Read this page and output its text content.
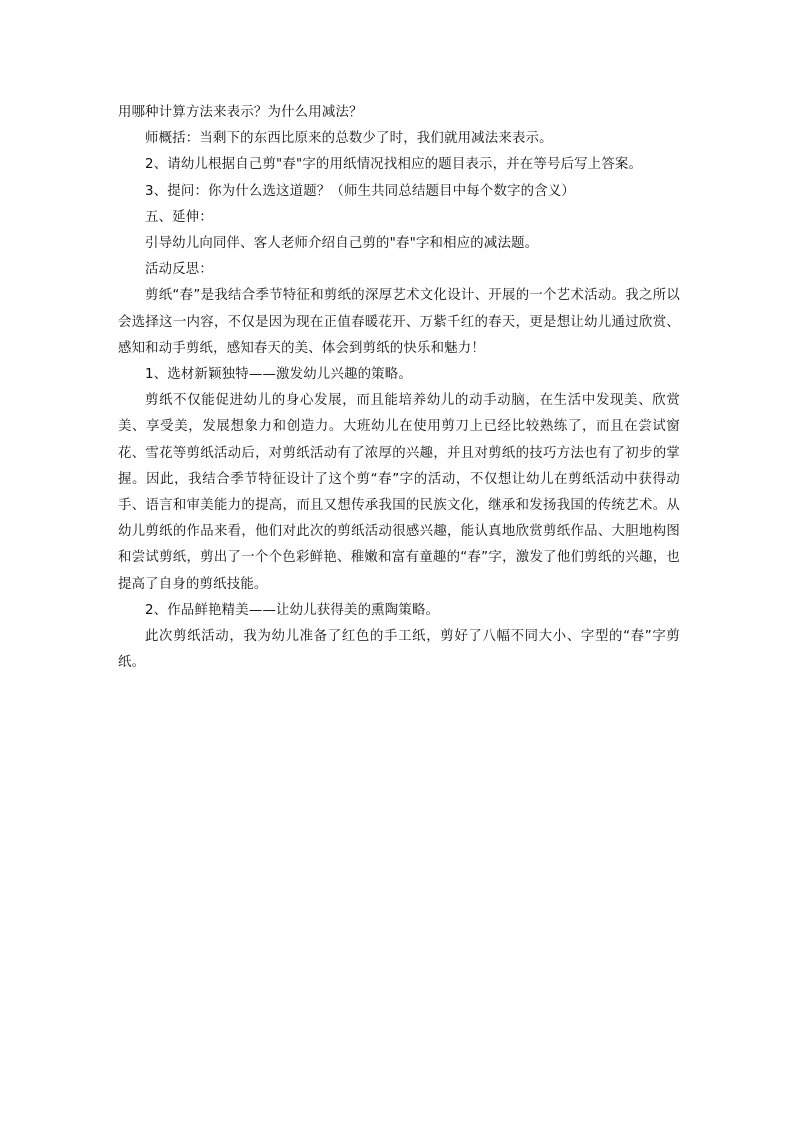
用哪种计算方法来表示？为什么用减法？

师概括：当剩下的东西比原来的总数少了时，我们就用减法来表示。

2、请幼儿根据自己剪"春"字的用纸情况找相应的题目表示，并在等号后写上答案。

3、提问：你为什么选这道题？（师生共同总结题目中每个数字的含义）

五、延伸：

引导幼儿向同伴、客人老师介绍自己剪的"春"字和相应的减法题。

活动反思：

剪纸“春”是我结合季节特征和剪纸的深厚艺术文化设计、开展的一个艺术活动。我之所以会选择这一内容，不仅是因为现在正值春暖花开、万紫千红的春天，更是想让幼儿通过欣赏、感知和动手剪纸，感知春天的美、体会到剪纸的快乐和魅力！

1、选材新颖独特——激发幼儿兴趣的策略。

剪纸不仅能促进幼儿的身心发展，而且能培养幼儿的动手动脑，在生活中发现美、欣赏美、享受美，发展想象力和创造力。大班幼儿在使用剪刀上已经比较熟练了，而且在尝试窗花、雪花等剪纸活动后，对剪纸活动有了浓厚的兴趣，并且对剪纸的技巧方法也有了初步的掌握。因此，我结合季节特征设计了这个剪“春”字的活动，不仅想让幼儿在剪纸活动中获得动手、语言和审美能力的提高，而且又想传承我国的民族文化，继承和发扬我国的传统艺术。从幼儿剪纸的作品来看，他们对此次的剪纸活动很感兴趣，能认真地欣赏剪纸作品、大胆地构图和尝试剪纸，剪出了一个个色彩鲜艳、稚嫩和富有童趣的“春”字，激发了他们剪纸的兴趣，也提高了自身的剪纸技能。

2、作品鲜艳精美——让幼儿获得美的熏陶策略。

此次剪纸活动，我为幼儿准备了红色的手工纸，剪好了八幅不同大小、字型的“春”字剪纸。
